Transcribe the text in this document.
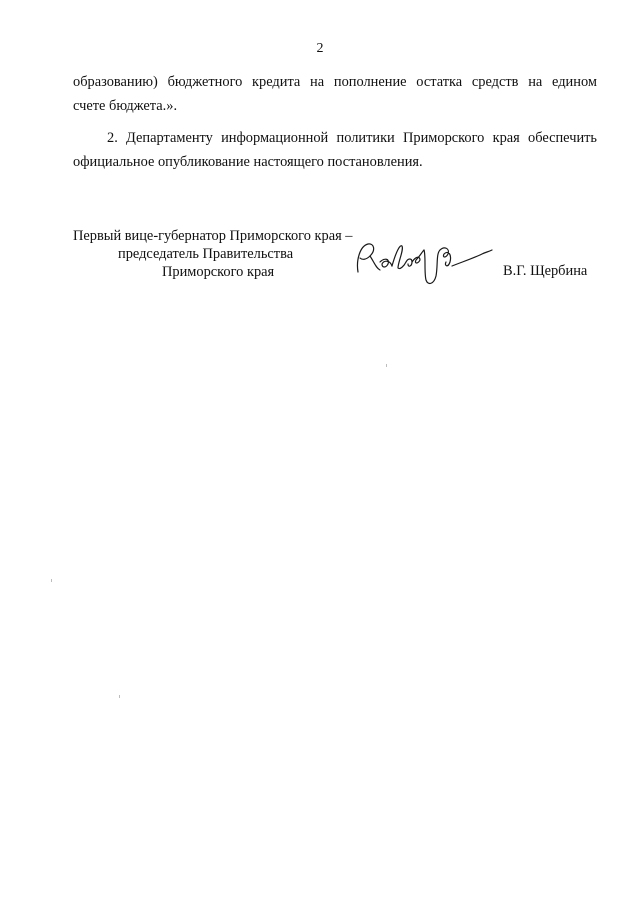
2
образованию) бюджетного кредита на пополнение остатка средств на едином
счете бюджета.».
2. Департаменту информационной политики Приморского края обеспечить официальное опубликование настоящего постановления.
Первый вице-губернатор Приморского края –
председатель Правительства
Приморского края	В.Г. Щербина
